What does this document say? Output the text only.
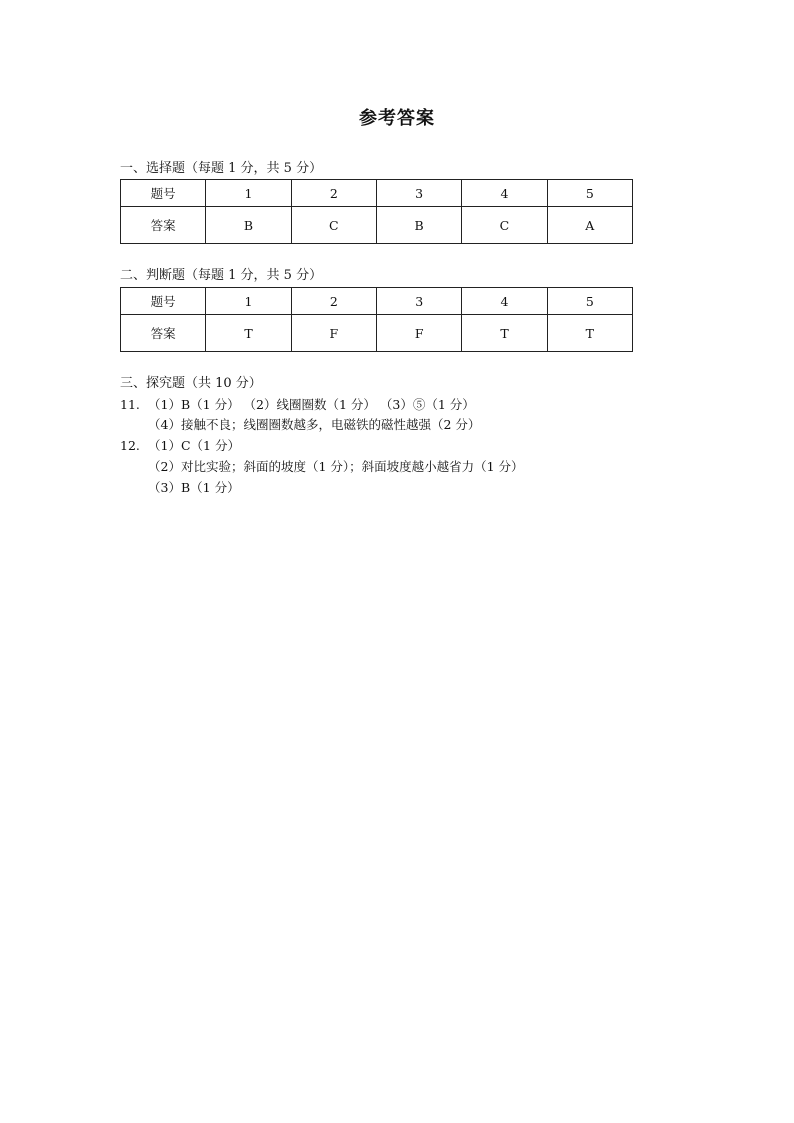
参考答案
一、选择题（每题 1 分，共 5 分）
题号	1	2	3	4	5
答案	B	C	B	C	A
二、判断题（每题 1 分，共 5 分）
题号	1	2	3	4	5
答案	T	F	F	T	T
三、探究题（共 10 分）
11. （1）B（1 分） （2）线圈圈数（1 分） （3）⑤（1 分）
（4）接触不良；线圈圈数越多，电磁铁的磁性越强（2 分）
12. （1）C（1 分）
（2）对比实验；斜面的坡度（1 分）；斜面坡度越小越省力（1 分）
（3）B（1 分）
